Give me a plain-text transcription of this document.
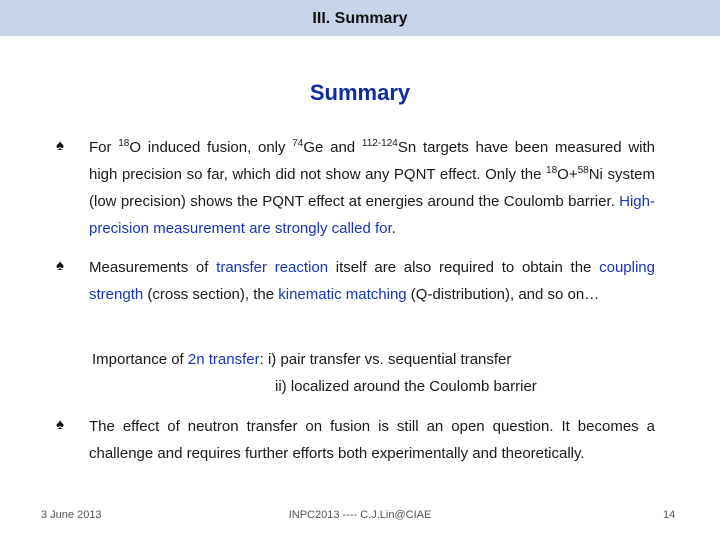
III. Summary
Summary
♠ For $^{18}$O induced fusion, only $^{74}$Ge and $^{112-124}$Sn targets have been measured with high precision so far, which did not show any PQNT effect. Only the $^{18}$O+$^{58}$Ni system (low precision) shows the PQNT effect at energies around the Coulomb barrier. High-precision measurement are strongly called for.
♠ Measurements of transfer reaction itself are also required to obtain the coupling strength (cross section), the kinematic matching (Q-distribution), and so on…
Importance of 2n transfer: i) pair transfer vs. sequential transfer
ii) localized around the Coulomb barrier
♠ The effect of neutron transfer on fusion is still an open question. It becomes a challenge and requires further efforts both experimentally and theoretically.
3 June 2013	INPC2013 ---- C.J.Lin@CIAE	14
